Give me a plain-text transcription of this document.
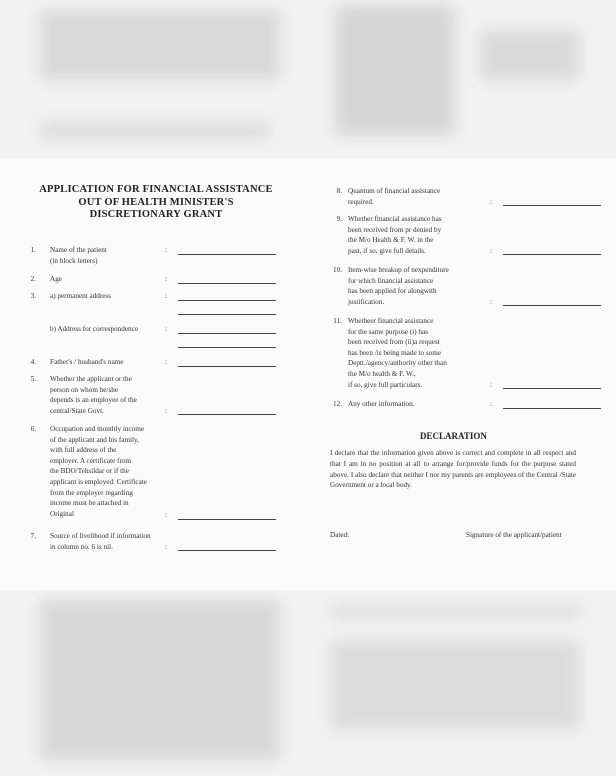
APPLICATION FOR FINANCIAL ASSISTANCE
OUT OF HEALTH MINISTER'S
DISCRETIONARY GRANT
1. Name of the patient
(in block letters)
:
2. Age	:
3. a) permanent address	:
b) Address for correspondence	:
4. Father's / husband's name	:
5. Whether the applicant or the
person on whom he/she
depends is an employee of the
central/State Govt.	:
6. Occupation and monthly income
of the applicant and his family,
with full address of the
employer. A certificate from
the BDO/Tehsildar or if the
applicant is employed. Certificate
from the employer regarding
income must be attached in
Original	:
7. Source of livelihood if information
in column no. 6 is nil.	:
8. Quantum of financial assistance
required.	:
9. Whether financial assistance has
been received from pr denied by
the M/o Health & F. W. in the
past, if so, give full details.	:
10. Item-wise breakup of nexpenditure
for which financial assistance
has been applied for alongwith
justification.	:
11. Whetheer financial assistance
for the same purpose (i) has
been received from (ii)a request
has been /is being made to some
Deptt./agency/authority other than
the M/o health & F. W.,
if so, give full particulars.	:
12. Any other information.	:
DECLARATION
I declare that the information given above is correct and complete in all respect and that I am in no position at all to arrange for/provide funds for the purpose stated above. I also declare that neither I nor my parents are employees of the Central /State Government or a local body.
Dated:	Signature of the applicant/patient
